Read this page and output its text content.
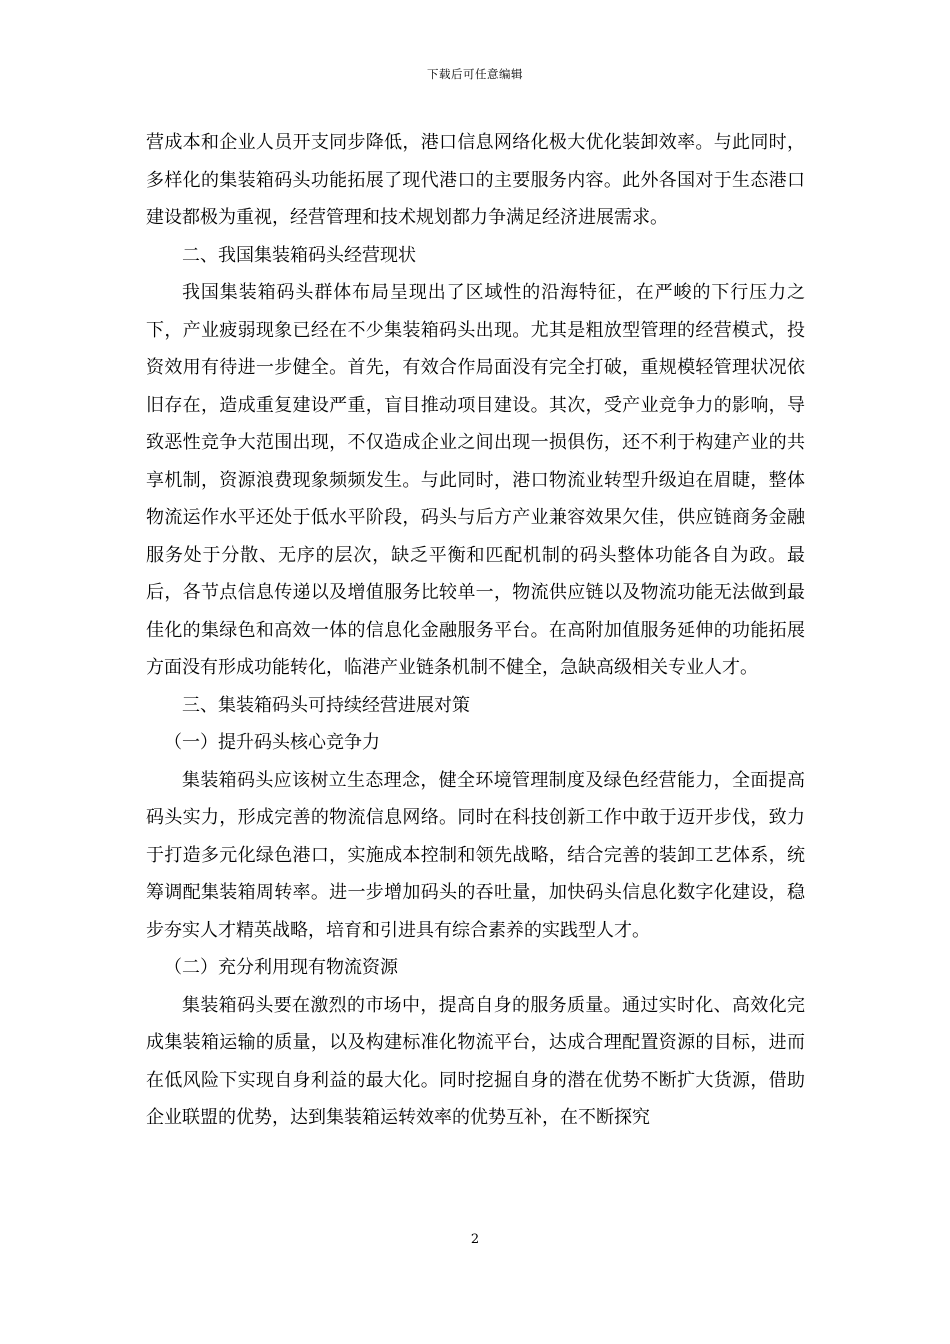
下载后可任意编辑

营成本和企业人员开支同步降低，港口信息网络化极大优化装卸效率。与此同时，多样化的集装箱码头功能拓展了现代港口的主要服务内容。此外各国对于生态港口建设都极为重视，经营管理和技术规划都力争满足经济进展需求。

二、我国集装箱码头经营现状

我国集装箱码头群体布局呈现出了区域性的沿海特征，在严峻的下行压力之下，产业疲弱现象已经在不少集装箱码头出现。尤其是粗放型管理的经营模式，投资效用有待进一步健全。首先，有效合作局面没有完全打破，重规模轻管理状况依旧存在，造成重复建设严重，盲目推动项目建设。其次，受产业竞争力的影响，导致恶性竞争大范围出现，不仅造成企业之间出现一损俱伤，还不利于构建产业的共享机制，资源浪费现象频频发生。与此同时，港口物流业转型升级迫在眉睫，整体物流运作水平还处于低水平阶段，码头与后方产业兼容效果欠佳，供应链商务金融服务处于分散、无序的层次，缺乏平衡和匹配机制的码头整体功能各自为政。最后，各节点信息传递以及增值服务比较单一，物流供应链以及物流功能无法做到最佳化的集绿色和高效一体的信息化金融服务平台。在高附加值服务延伸的功能拓展方面没有形成功能转化，临港产业链条机制不健全，急缺高级相关专业人才。

三、集装箱码头可持续经营进展对策

（一）提升码头核心竞争力

集装箱码头应该树立生态理念，健全环境管理制度及绿色经营能力，全面提高码头实力，形成完善的物流信息网络。同时在科技创新工作中敢于迈开步伐，致力于打造多元化绿色港口，实施成本控制和领先战略，结合完善的装卸工艺体系，统筹调配集装箱周转率。进一步增加码头的吞吐量，加快码头信息化数字化建设，稳步夯实人才精英战略，培育和引进具有综合素养的实践型人才。

（二）充分利用现有物流资源

集装箱码头要在激烈的市场中，提高自身的服务质量。通过实时化、高效化完成集装箱运输的质量，以及构建标准化物流平台，达成合理配置资源的目标，进而在低风险下实现自身利益的最大化。同时挖掘自身的潜在优势不断扩大货源，借助企业联盟的优势，达到集装箱运转效率的优势互补，在不断探究

2
